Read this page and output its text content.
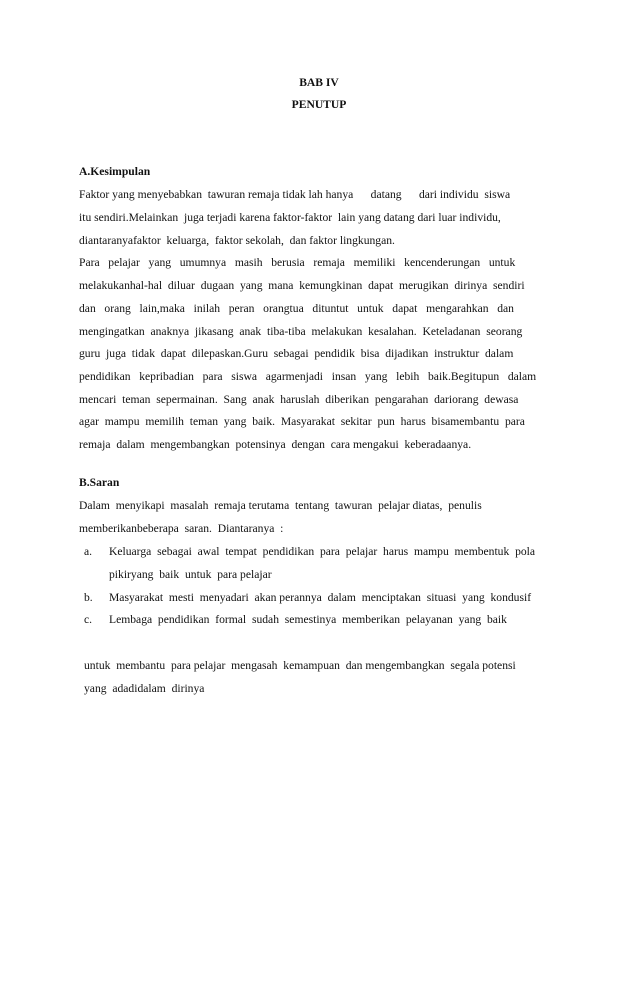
BAB IV
PENUTUP
A.Kesimpulan
Faktor yang menyebabkan  tawuran remaja tidak lah hanya      datang      dari individu  siswa
itu sendiri.Melainkan  juga terjadi karena faktor-faktor  lain yang datang dari luar individu,
diantaranyafaktor  keluarga,  faktor sekolah,  dan faktor lingkungan.
Para   pelajar   yang   umumnya   masih   berusia   remaja   memiliki   kencenderungan   untuk
melakukanhal-hal  diluar  dugaan  yang  mana  kemungkinan  dapat  merugikan  dirinya  sendiri
dan   orang   lain,maka   inilah   peran   orangtua   dituntut   untuk   dapat   mengarahkan   dan
mengingatkan  anaknya  jikasang  anak  tiba-tiba  melakukan  kesalahan.  Keteladanan  seorang
guru  juga  tidak  dapat  dilepaskan.Guru  sebagai  pendidik  bisa  dijadikan  instruktur  dalam
pendidikan   kepribadian   para   siswa   agarmenjadi   insan   yang   lebih   baik.Begitupun   dalam
mencari  teman  sepermainan.  Sang  anak  haruslah  diberikan  pengarahan  dariorang  dewasa
agar  mampu  memilih  teman  yang  baik.  Masyarakat  sekitar  pun  harus  bisamembantu  para
remaja  dalam  mengembangkan  potensinya  dengan  cara mengakui  keberadaanya.
B.Saran
Dalam  menyikapi  masalah  remaja terutama  tentang  tawuran  pelajar diatas,  penulis
memberikanbeberapa  saran.  Diantaranya  :
a. Keluarga  sebagai  awal  tempat  pendidikan  para  pelajar  harus  mampu  membentuk  pola
pikiryang  baik  untuk  para pelajar
b. Masyarakat  mesti  menyadari  akan perannya  dalam  menciptakan  situasi  yang  kondusif
c. Lembaga  pendidikan  formal  sudah  semestinya  memberikan  pelayanan  yang  baik
untuk  membantu  para pelajar  mengasah  kemampuan  dan mengembangkan  segala potensi
yang  adadidalam  dirinya
